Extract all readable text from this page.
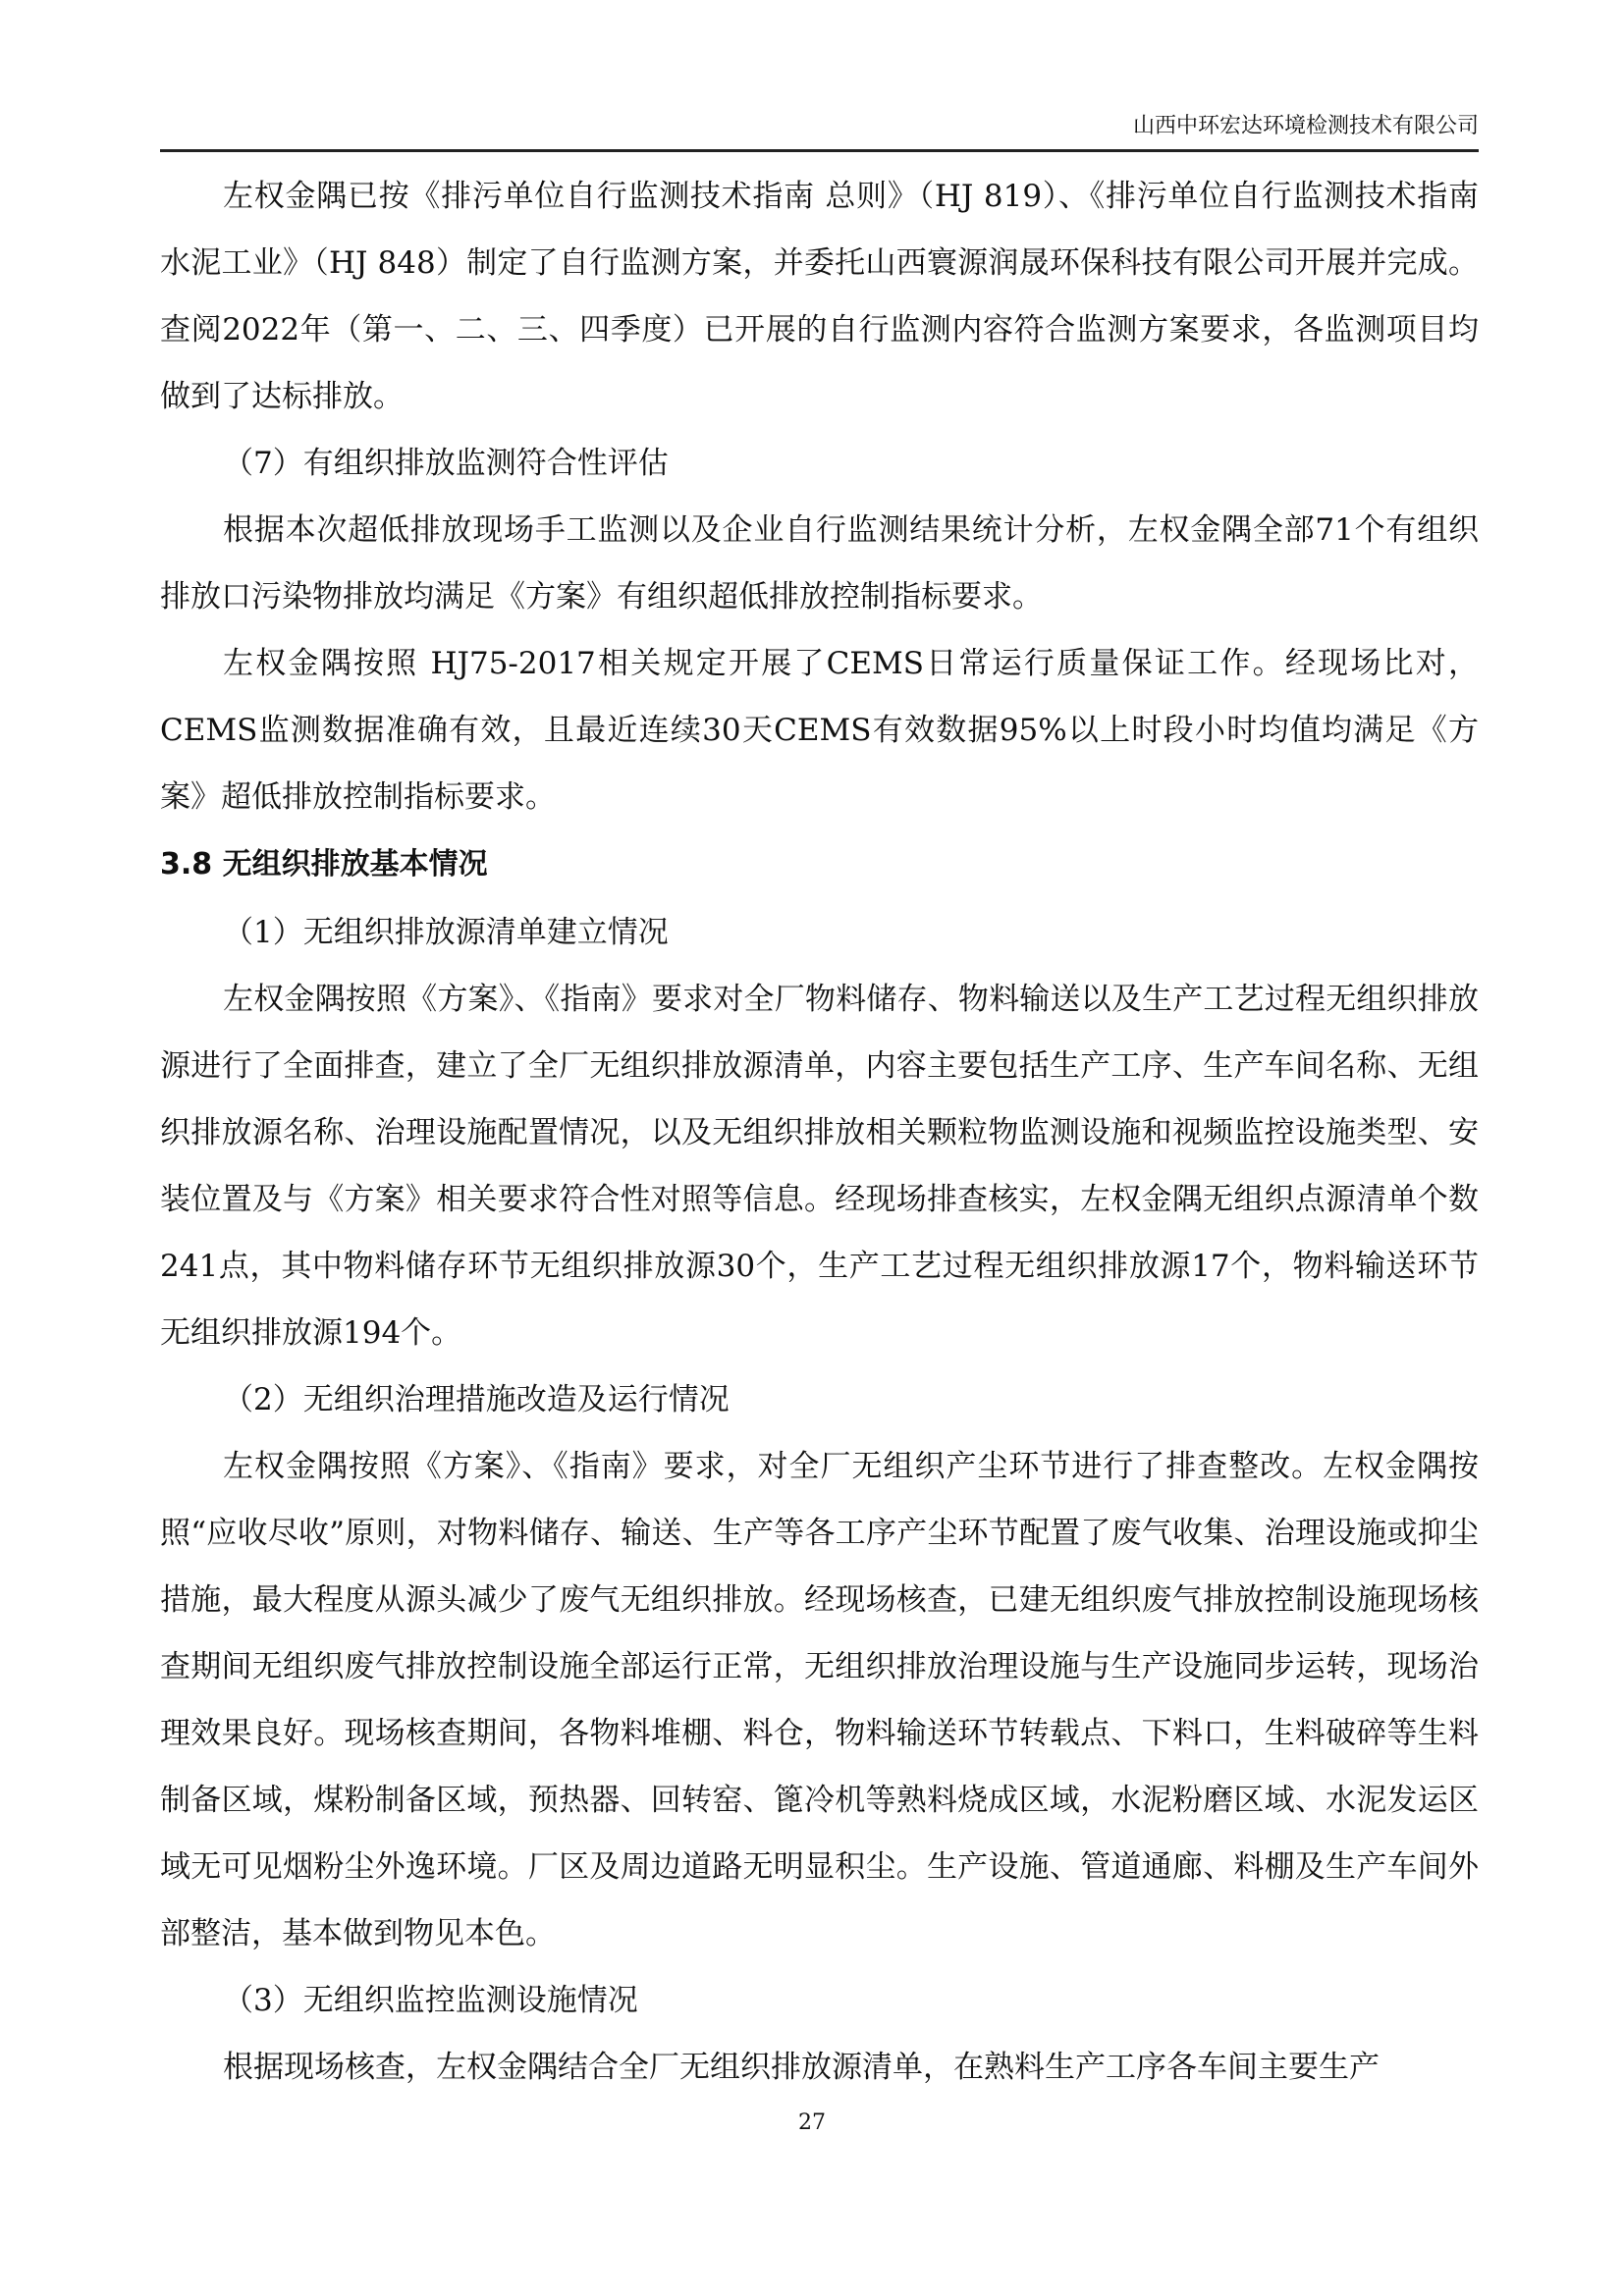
山西中环宏达环境检测技术有限公司

左权金隅已按《排污单位自行监测技术指南 总则》（HJ 819）、《排污单位自行监测技术指南 水泥工业》（HJ 848）制定了自行监测方案，并委托山西寰源润晟环保科技有限公司开展并完成。查阅2022年（第一、二、三、四季度）已开展的自行监测内容符合监测方案要求，各监测项目均做到了达标排放。

（7）有组织排放监测符合性评估

根据本次超低排放现场手工监测以及企业自行监测结果统计分析，左权金隅全部71个有组织排放口污染物排放均满足《方案》有组织超低排放控制指标要求。

左权金隅按照 HJ75-2017相关规定开展了CEMS日常运行质量保证工作。经现场比对，CEMS监测数据准确有效，且最近连续30天CEMS有效数据95%以上时段小时均值均满足《方案》超低排放控制指标要求。

3.8 无组织排放基本情况

（1）无组织排放源清单建立情况

左权金隅按照《方案》、《指南》要求对全厂物料储存、物料输送以及生产工艺过程无组织排放源进行了全面排查，建立了全厂无组织排放源清单，内容主要包括生产工序、生产车间名称、无组织排放源名称、治理设施配置情况，以及无组织排放相关颗粒物监测设施和视频监控设施类型、安装位置及与《方案》相关要求符合性对照等信息。经现场排查核实，左权金隅无组织点源清单个数241点，其中物料储存环节无组织排放源30个，生产工艺过程无组织排放源17个，物料输送环节无组织排放源194个。

（2）无组织治理措施改造及运行情况

左权金隅按照《方案》、《指南》要求，对全厂无组织产尘环节进行了排查整改。左权金隅按照“应收尽收”原则，对物料储存、输送、生产等各工序产尘环节配置了废气收集、治理设施或抑尘措施，最大程度从源头减少了废气无组织排放。经现场核查，已建无组织废气排放控制设施现场核查期间无组织废气排放控制设施全部运行正常，无组织排放治理设施与生产设施同步运转，现场治理效果良好。现场核查期间，各物料堆棚、料仓，物料输送环节转载点、下料口，生料破碎等生料制备区域，煤粉制备区域，预热器、回转窑、篦冷机等熟料烧成区域，水泥粉磨区域、水泥发运区域无可见烟粉尘外逸环境。厂区及周边道路无明显积尘。生产设施、管道通廊、料棚及生产车间外部整洁，基本做到物见本色。

（3）无组织监控监测设施情况

根据现场核查，左权金隅结合全厂无组织排放源清单，在熟料生产工序各车间主要生产

27
